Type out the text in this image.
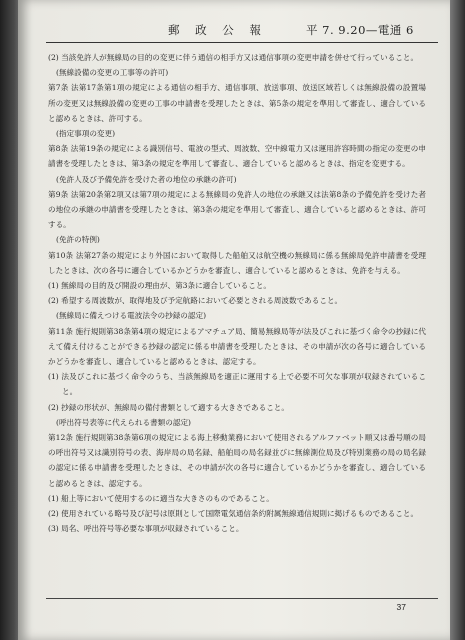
郵 政 公 報	平 7. 9.20—電通 6

(2) 当該免許人が無線局の目的の変更に伴う通信の相手方又は通信事項の変更申請を併せて行っていること。

(無線設備の変更の工事等の許可)

第7条 法第17条第1項の規定による通信の相手方、通信事項、放送事項、放送区域若しくは無線設備の設置場所の変更又は無線設備の変更の工事の申請書を受理したときは、第5条の規定を準用して審査し、適合していると認めるときは、許可する。

(指定事項の変更)

第8条 法第19条の規定による識別信号、電波の型式、周波数、空中線電力又は運用許容時間の指定の変更の申請書を受理したときは、第3条の規定を準用して審査し、適合していると認めるときは、指定を変更する。

(免許人及び予備免許を受けた者の地位の承継の許可)

第9条 法第20条第2項又は第7項の規定による無線局の免許人の地位の承継又は法第8条の予備免許を受けた者の地位の承継の申請書を受理したときは、第3条の規定を準用して審査し、適合していると認めるときは、許可する。

(免許の特例)

第10条 法第27条の規定により外国において取得した船舶又は航空機の無線局に係る無線局免許申請書を受理したときは、次の各号に適合しているかどうかを審査し、適合していると認めるときは、免許を与える。

(1) 無線局の目的及び開設の理由が、第3条に適合していること。

(2) 希望する周波数が、取得地及び予定航路において必要とされる周波数であること。

(無線局に備えつける電波法令の抄録の認定)

第11条 施行規則第38条第4項の規定によるアマチュア局、簡易無線局等が法及びこれに基づく命令の抄録に代えて備え付けることができる抄録の認定に係る申請書を受理したときは、その申請が次の各号に適合しているかどうかを審査し、適合していると認めるときは、認定する。

(1) 法及びこれに基づく命令のうち、当該無線局を適正に運用する上で必要不可欠な事項が収録されていること。

(2) 抄録の形状が、無線局の備付書類として適する大きさであること。

(呼出符号表等に代えられる書類の認定)

第12条 施行規則第38条第6項の規定による海上移動業務において使用されるアルファベット順又は番号順の局の呼出符号又は識別符号の表、海岸局の局名録、船舶局の局名録並びに無線測位局及び特別業務の局の局名録の認定に係る申請書を受理したときは、その申請が次の各号に適合しているかどうかを審査し、適合していると認めるときは、認定する。

(1) 船上等において使用するのに適当な大きさのものであること。

(2) 使用されている略号及び記号は原則として国際電気通信条約附属無線通信規則に掲げるものであること。

(3) 局名、呼出符号等必要な事項が収録されていること。

37
